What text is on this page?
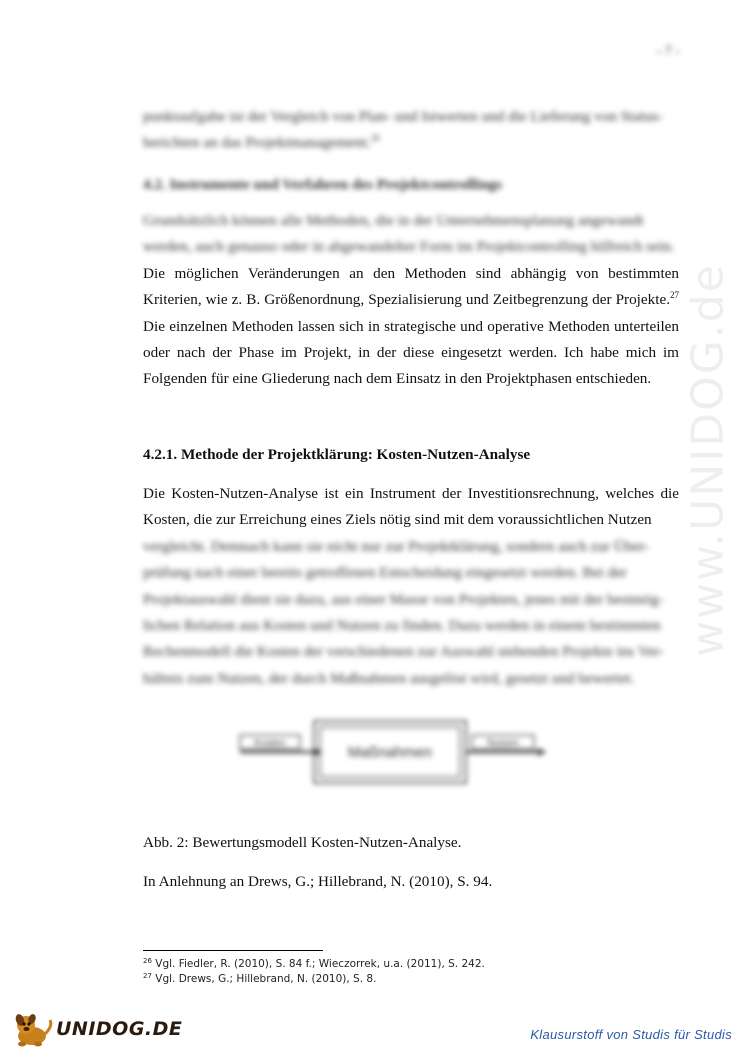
- 7 -
punktaufgabe ist der Vergleich von Plan- und Istwerten und die Lieferung von Status-
berichten an das Projektmanagement.$^{26}$
4.2. Instrumente und Verfahren des Projektcontrollings
Grundsätzlich können alle Methoden, die in der Unternehmensplanung angewandt
werden, auch genauso oder in abgewandelter Form im Projektcontrolling hilfreich sein.
Die möglichen Veränderungen an den Methoden sind abhängig von bestimmten Kriterien, wie z. B. Größenordnung, Spezialisierung und Zeitbegrenzung der Projekte.$^{27}$ Die einzelnen Methoden lassen sich in strategische und operative Methoden unterteilen oder nach der Phase im Projekt, in der diese eingesetzt werden. Ich habe mich im Folgenden für eine Gliederung nach dem Einsatz in den Projektphasen entschieden.
4.2.1. Methode der Projektklärung: Kosten-Nutzen-Analyse
Die Kosten-Nutzen-Analyse ist ein Instrument der Investitionsrechnung, welches die Kosten, die zur Erreichung eines Ziels nötig sind mit dem voraussichtlichen Nutzen
vergleicht. Demnach kann sie nicht nur zur Projektklärung, sondern auch zur Über-
prüfung nach einer bereits getroffenen Entscheidung eingesetzt werden. Bei der
Projektauswahl dient sie dazu, aus einer Masse von Projekten, jenes mit der bestmög-
lichen Relation aus Kosten und Nutzen zu finden. Dazu werden in einem bestimmten
Rechenmodell die Kosten der verschiedenen zur Auswahl stehenden Projekte ins Ver-
hältnis zum Nutzen, der durch Maßnahmen ausgelöst wird, gesetzt und bewertet.
Kosten
Maßnahmen
Nutzen
Abb. 2: Bewertungsmodell Kosten-Nutzen-Analyse.
In Anlehnung an Drews, G.; Hillebrand, N. (2010), S. 94.
$^{26}$ Vgl. Fiedler, R. (2010), S. 84 f.; Wieczorrek, u.a. (2011), S. 242.
$^{27}$ Vgl. Drews, G.; Hillebrand, N. (2010), S. 8.
www.UNIDOG.de
UNIDOG.DE	Klausurstoff von Studis für Studis
